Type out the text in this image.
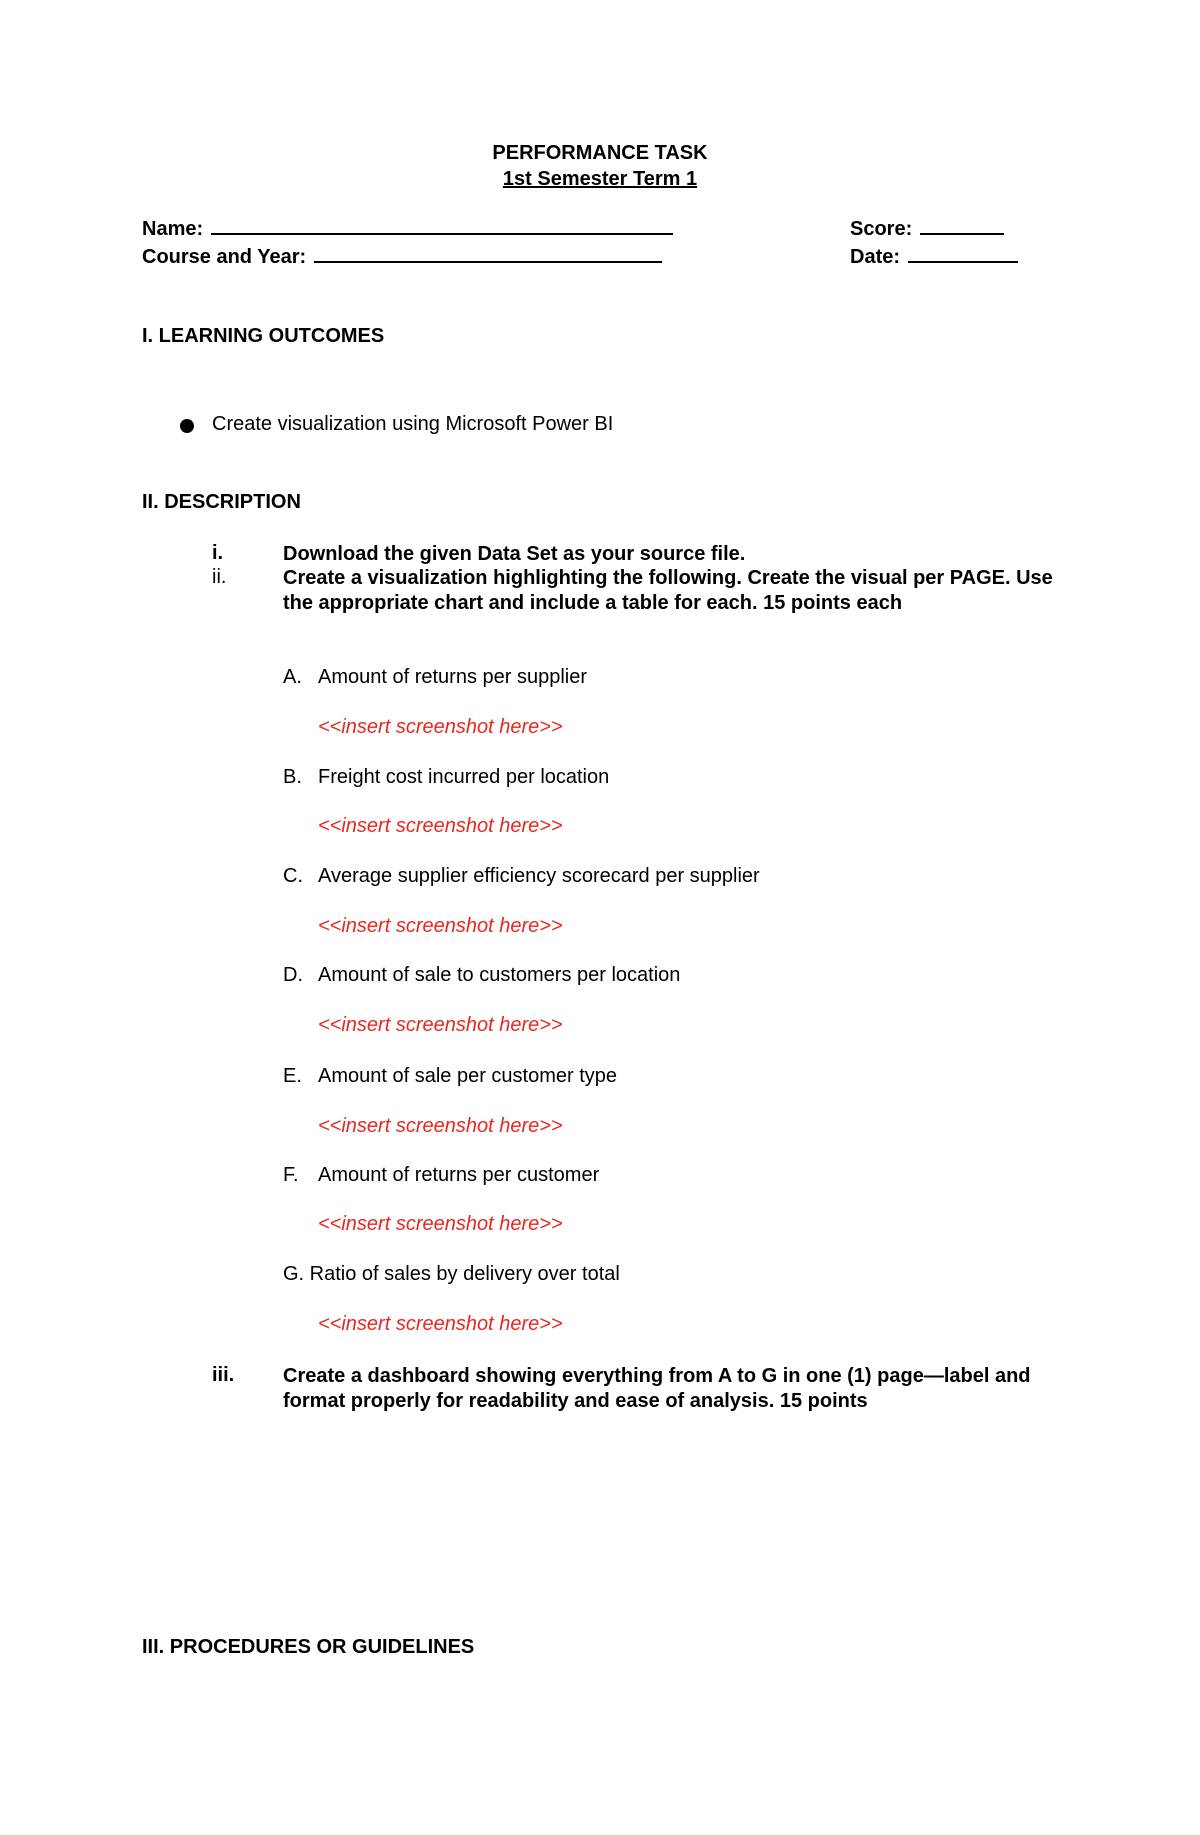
PERFORMANCE TASK
1st Semester Term 1
Name:	Score:
Course and Year:	Date:
I. LEARNING OUTCOMES
Create visualization using Microsoft Power BI
II. DESCRIPTION
i.	Download the given Data Set as your source file.
ii.	Create a visualization highlighting the following. Create the visual per PAGE. Use the appropriate chart and include a table for each. 15 points each
A. Amount of returns per supplier
<<insert screenshot here>>
B. Freight cost incurred per location
<<insert screenshot here>>
C. Average supplier efficiency scorecard per supplier
<<insert screenshot here>>
D. Amount of sale to customers per location
<<insert screenshot here>>
E. Amount of sale per customer type
<<insert screenshot here>>
F. Amount of returns per customer
<<insert screenshot here>>
G. Ratio of sales by delivery over total
<<insert screenshot here>>
iii. Create a dashboard showing everything from A to G in one (1) page—label and format properly for readability and ease of analysis. 15 points
III. PROCEDURES OR GUIDELINES
